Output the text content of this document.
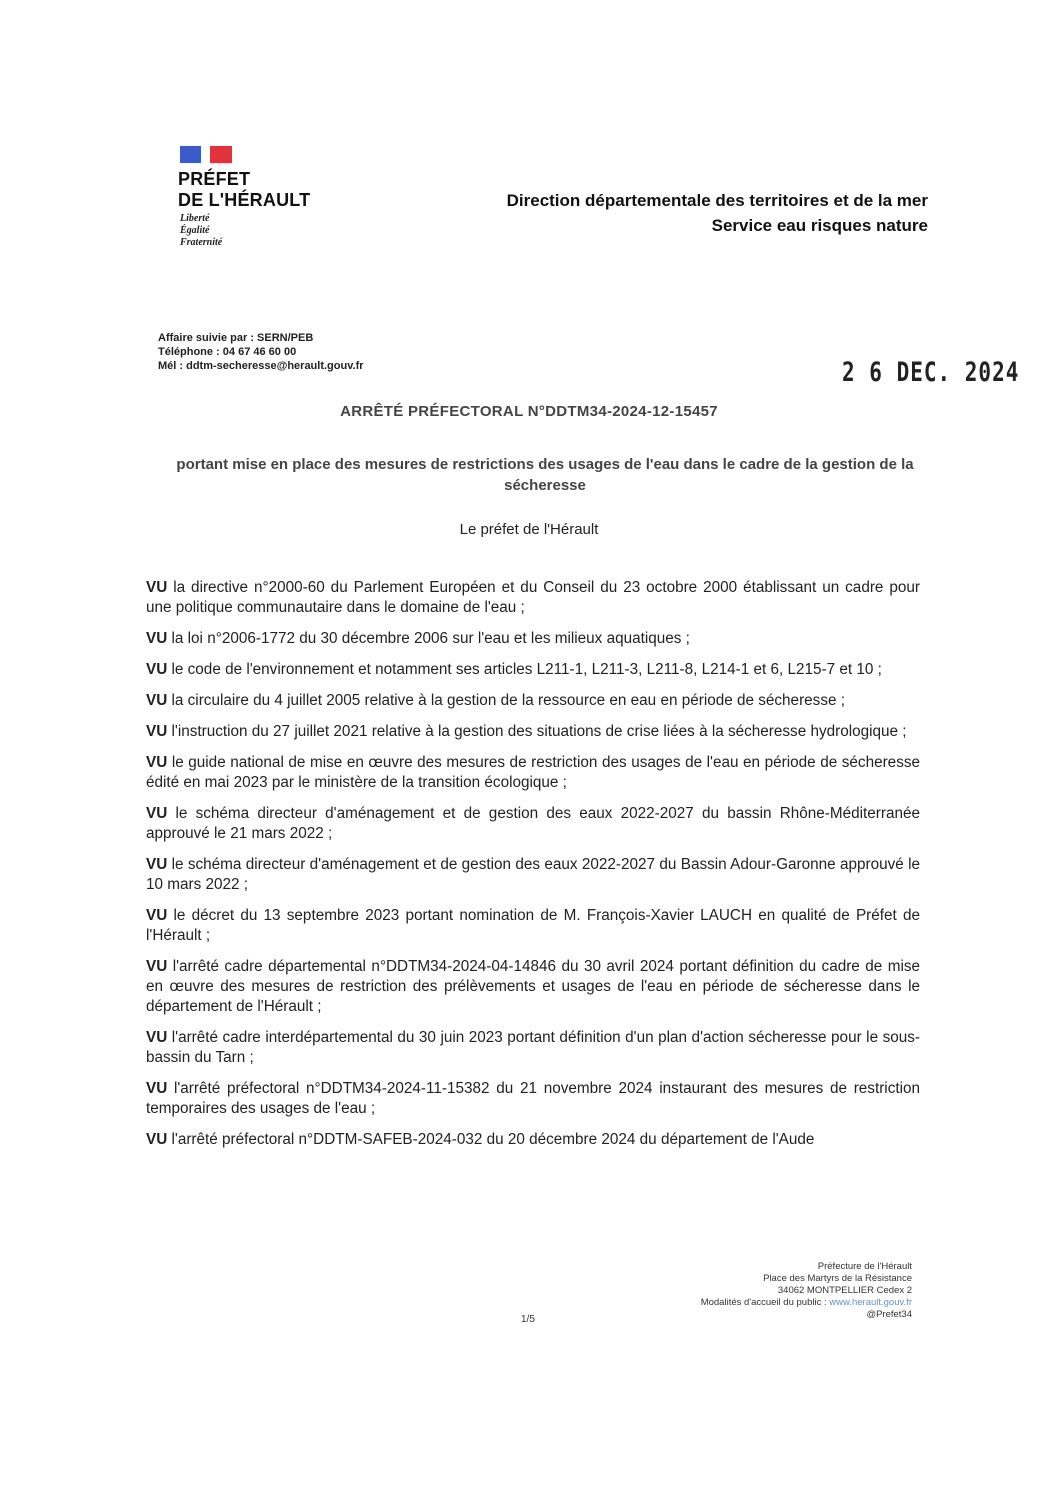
PRÉFET
DE L'HÉRAULT
Liberté
Égalité
Fraternité
Direction départementale des territoires et de la mer
Service eau risques nature
Affaire suivie par : SERN/PEB
Téléphone : 04 67 46 60 00
Mél : ddtm-secheresse@herault.gouv.fr	2 6 DEC. 2024
ARRÊTÉ PRÉFECTORAL N°DDTM34-2024-12-15457
portant mise en place des mesures de restrictions des usages de l'eau dans le cadre de la gestion de la sécheresse
Le préfet de l'Hérault

VU la directive n°2000-60 du Parlement Européen et du Conseil du 23 octobre 2000 établissant un cadre pour une politique communautaire dans le domaine de l'eau ;

VU la loi n°2006-1772 du 30 décembre 2006 sur l'eau et les milieux aquatiques ;

VU le code de l'environnement et notamment ses articles L211-1, L211-3, L211-8, L214-1 et 6, L215-7 et 10 ;

VU la circulaire du 4 juillet 2005 relative à la gestion de la ressource en eau en période de sécheresse ;

VU l'instruction du 27 juillet 2021 relative à la gestion des situations de crise liées à la sécheresse hydrologique ;

VU le guide national de mise en œuvre des mesures de restriction des usages de l'eau en période de sécheresse édité en mai 2023 par le ministère de la transition écologique ;

VU le schéma directeur d'aménagement et de gestion des eaux 2022-2027 du bassin Rhône-Méditerranée approuvé le 21 mars 2022 ;

VU le schéma directeur d'aménagement et de gestion des eaux 2022-2027 du Bassin Adour-Garonne approuvé le 10 mars 2022 ;

VU le décret du 13 septembre 2023 portant nomination de M. François-Xavier LAUCH en qualité de Préfet de l'Hérault ;

VU l'arrêté cadre départemental n°DDTM34-2024-04-14846 du 30 avril 2024 portant définition du cadre de mise en œuvre des mesures de restriction des prélèvements et usages de l'eau en période de sécheresse dans le département de l'Hérault ;

VU l'arrêté cadre interdépartemental du 30 juin 2023 portant définition d'un plan d'action sécheresse pour le sous-bassin du Tarn ;

VU l'arrêté préfectoral n°DDTM34-2024-11-15382 du 21 novembre 2024 instaurant des mesures de restriction temporaires des usages de l'eau ;

VU l'arrêté préfectoral n°DDTM-SAFEB-2024-032 du 20 décembre 2024 du département de l'Aude

Préfecture de l'Hérault
Place des Martyrs de la Résistance
34062 MONTPELLIER Cedex 2
Modalités d'accueil du public : www.herault.gouv.fr
@Prefet34
1/5
